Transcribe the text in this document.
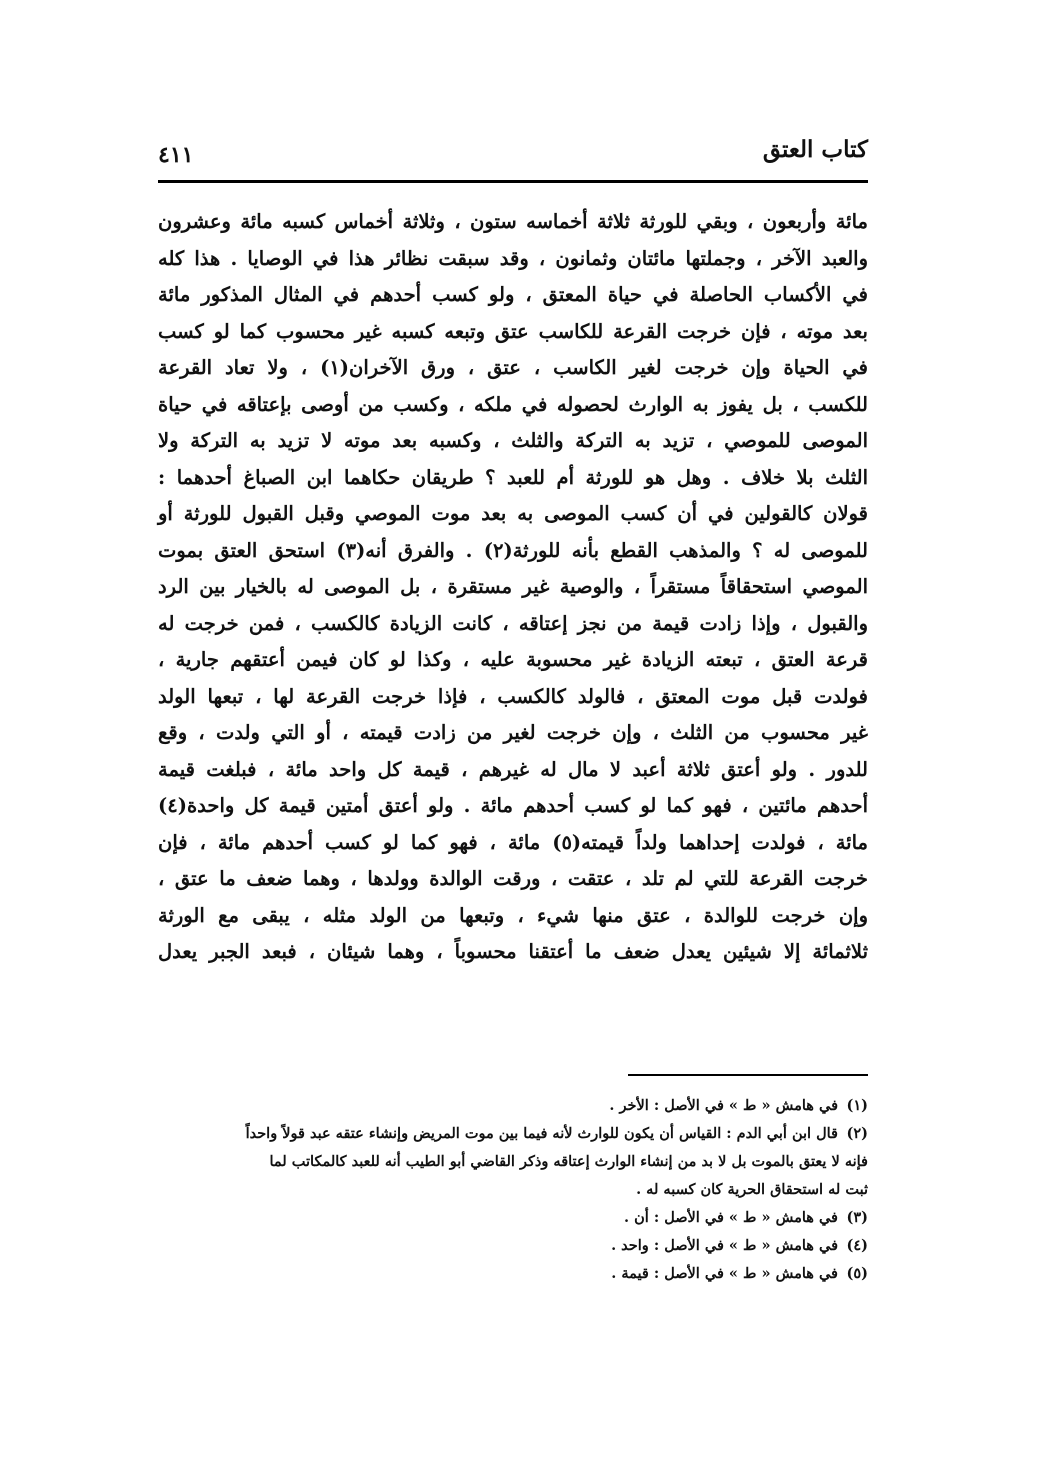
كتاب العتق
٤١١
مائة وأربعون ، وبقي للورثة ثلاثة أخماسه ستون ، وثلاثة أخماس كسبه مائة وعشرون
والعبد الآخر ، وجملتها مائتان وثمانون ، وقد سبقت نظائر هذا في الوصايا . هذا كله
في الأكساب الحاصلة في حياة المعتق ، ولو كسب أحدهم في المثال المذكور مائة
بعد موته ، فإن خرجت القرعة للكاسب عتق وتبعه كسبه غير محسوب كما لو كسب
في الحياة وإن خرجت لغير الكاسب ، عتق ، ورق الآخران(١) ، ولا تعاد القرعة
للكسب ، بل يفوز به الوارث لحصوله في ملكه ، وكسب من أوصى بإعتاقه في حياة
الموصى للموصي ، تزيد به التركة والثلث ، وكسبه بعد موته لا تزيد به التركة ولا
الثلث بلا خلاف . وهل هو للورثة أم للعبد ؟ طريقان حكاهما ابن الصباغ أحدهما :
قولان كالقولين في أن كسب الموصى به بعد موت الموصي وقبل القبول للورثة أو
للموصى له ؟ والمذهب القطع بأنه للورثة(٢) . والفرق أنه(٣) استحق العتق بموت
الموصي استحقاقاً مستقراً ، والوصية غير مستقرة ، بل الموصى له بالخيار بين الرد
والقبول ، وإذا زادت قيمة من نجز إعتاقه ، كانت الزيادة كالكسب ، فمن خرجت له
قرعة العتق ، تبعته الزيادة غير محسوبة عليه ، وكذا لو كان فيمن أعتقهم جارية ،
فولدت قبل موت المعتق ، فالولد كالكسب ، فإذا خرجت القرعة لها ، تبعها الولد
غير محسوب من الثلث ، وإن خرجت لغير من زادت قيمته ، أو التي ولدت ، وقع
للدور . ولو أعتق ثلاثة أعبد لا مال له غيرهم ، قيمة كل واحد مائة ، فبلغت قيمة
أحدهم مائتين ، فهو كما لو كسب أحدهم مائة . ولو أعتق أمتين قيمة كل واحدة(٤)
مائة ، فولدت إحداهما ولداً قيمته(٥) مائة ، فهو كما لو كسب أحدهم مائة ، فإن
خرجت القرعة للتي لم تلد ، عتقت ، ورقت الوالدة وولدها ، وهما ضعف ما عتق ،
وإن خرجت للوالدة ، عتق منها شيء ، وتبعها من الولد مثله ، يبقى مع الورثة
ثلاثمائة إلا شيئين يعدل ضعف ما أعتقنا محسوباً ، وهما شيئان ، فبعد الجبر يعدل
(١)في هامش « ط » في الأصل : الأخر .
(٢)قال ابن أبي الدم : القياس أن يكون للوارث لأنه فيما بين موت المريض وإنشاء عتقه عبد قولاً واحداً
فإنه لا يعتق بالموت بل لا بد من إنشاء الوارث إعتاقه وذكر القاضي أبو الطيب أنه للعبد كالمكاتب لما
ثبت له استحقاق الحرية كان كسبه له .
(٣)في هامش « ط » في الأصل : أن .
(٤)في هامش « ط » في الأصل : واحد .
(٥)في هامش « ط » في الأصل : قيمة .
